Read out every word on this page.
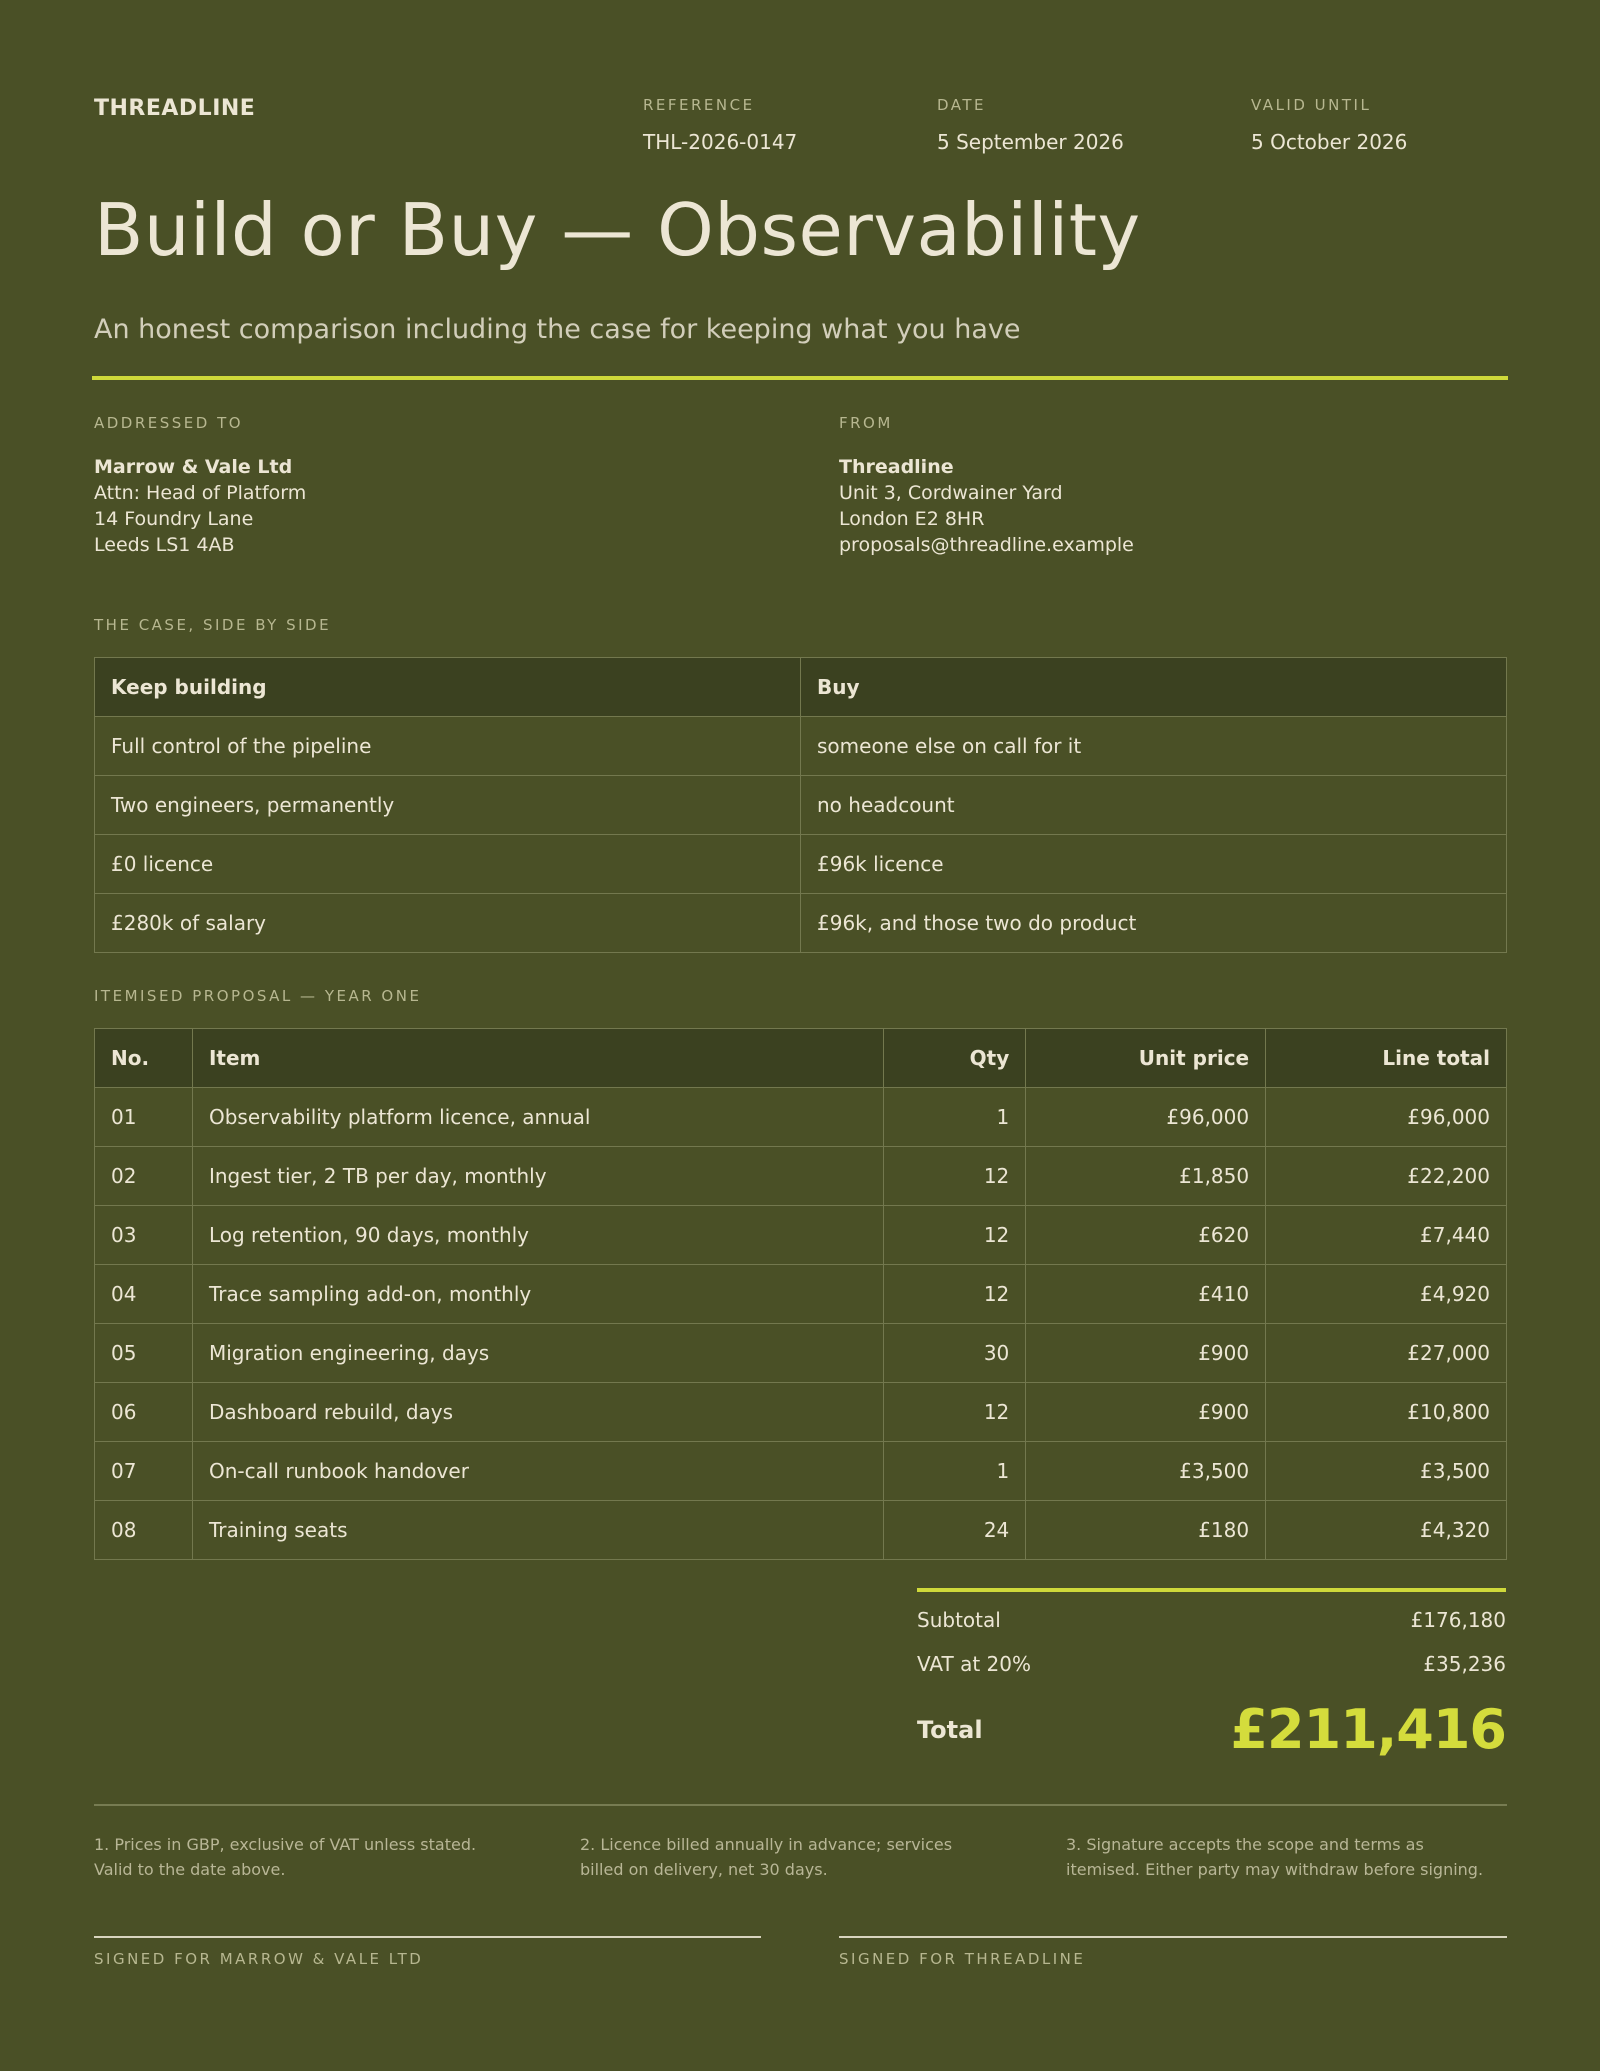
THREADLINE	REFERENCE
THL-2026-0147
DATE
5 September 2026
VALID UNTIL
5 October 2026
Build or Buy — Observability
An honest comparison including the case for keeping what you have
ADDRESSED TO
Marrow & Vale Ltd
Attn: Head of Platform
14 Foundry Lane
Leeds LS1 4AB
FROM
Threadline
Unit 3, Cordwainer Yard
London E2 8HR
proposals@threadline.example
THE CASE, SIDE BY SIDE
Keep building	Buy
Full control of the pipeline	someone else on call for it
Two engineers, permanently	no headcount
£0 licence	£96k licence
£280k of salary	£96k, and those two do product
ITEMISED PROPOSAL — YEAR ONE
No.	Item	Qty	Unit price	Line total
01	Observability platform licence, annual	1	£96,000	£96,000
02	Ingest tier, 2 TB per day, monthly	12	£1,850	£22,200
03	Log retention, 90 days, monthly	12	£620	£7,440
04	Trace sampling add-on, monthly	12	£410	£4,920
05	Migration engineering, days	30	£900	£27,000
06	Dashboard rebuild, days	12	£900	£10,800
07	On-call runbook handover	1	£3,500	£3,500
08	Training seats	24	£180	£4,320
Subtotal	£176,180
VAT at 20%	£35,236
Total	£211,416
1. Prices in GBP, exclusive of VAT unless stated. Valid to the date above.
2. Licence billed annually in advance; services billed on delivery, net 30 days.
3. Signature accepts the scope and terms as itemised. Either party may withdraw before signing.
SIGNED FOR MARROW & VALE LTD	SIGNED FOR THREADLINE
